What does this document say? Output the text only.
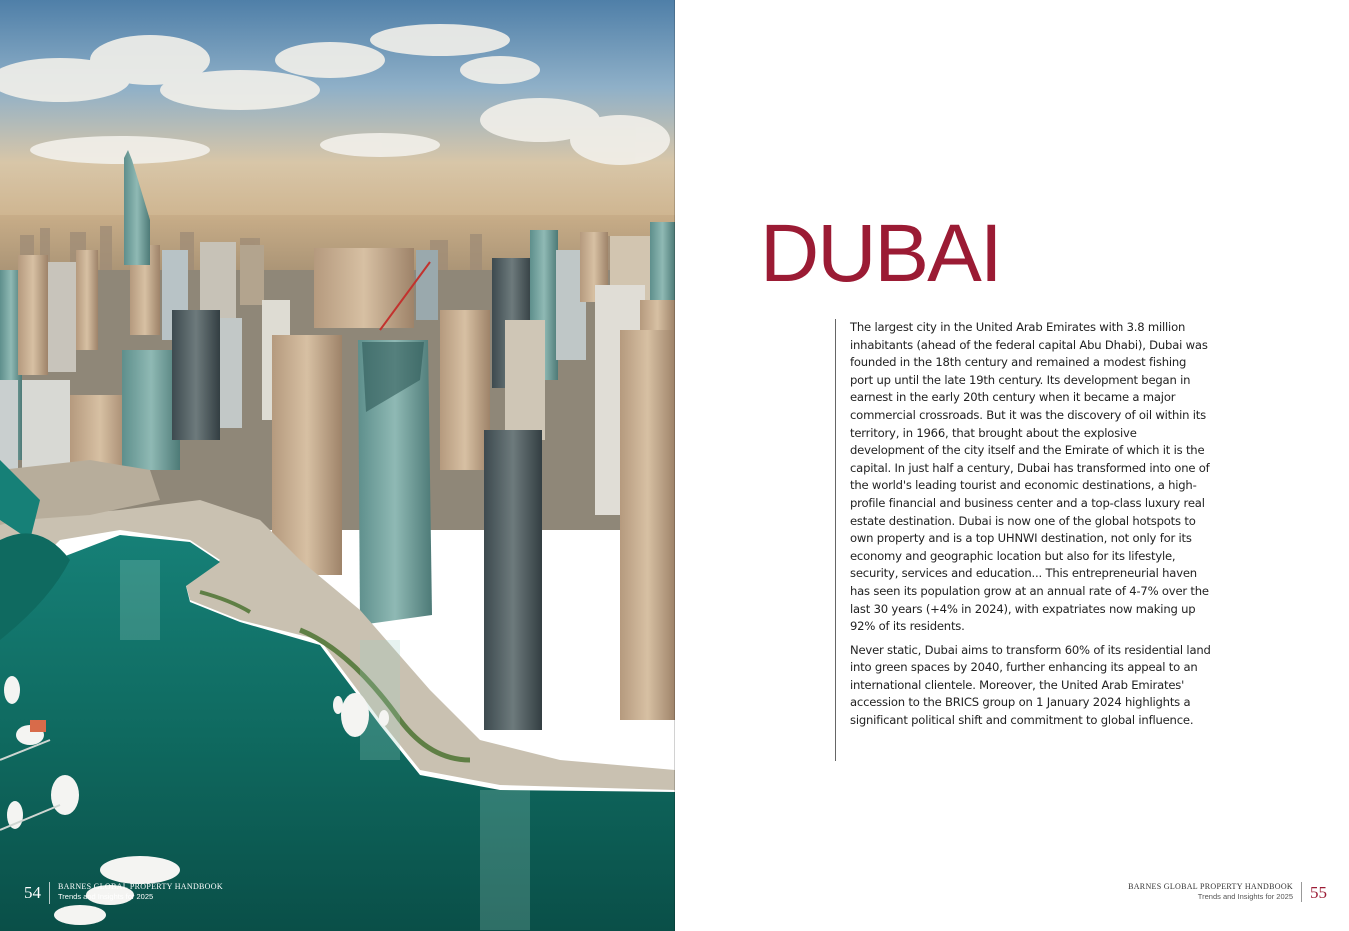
54	BARNES GLOBAL PROPERTY HANDBOOK
Trends and Insights for 2025
DUBAI

The largest city in the United Arab Emirates with 3.8 million inhabitants (ahead of the federal capital Abu Dhabi), Dubai was founded in the 18th century and remained a modest fishing port up until the late 19th century. Its development began in earnest in the early 20th century when it became a major commercial crossroads. But it was the discovery of oil within its territory, in 1966, that brought about the explosive development of the city itself and the Emirate of which it is the capital. In just half a century, Dubai has transformed into one of the world's leading tourist and economic destinations, a high-profile financial and business center and a top-class luxury real estate destination. Dubai is now one of the global hotspots to own property and is a top UHNWI destination, not only for its economy and geographic location but also for its lifestyle, security, services and education... This entrepreneurial haven has seen its population grow at an annual rate of 4-7% over the last 30 years (+4% in 2024), with expatriates now making up 92% of its residents.

Never static, Dubai aims to transform 60% of its residential land into green spaces by 2040, further enhancing its appeal to an international clientele. Moreover, the United Arab Emirates' accession to the BRICS group on 1 January 2024 highlights a significant political shift and commitment to global influence.

BARNES GLOBAL PROPERTY HANDBOOK
Trends and Insights for 2025	55
